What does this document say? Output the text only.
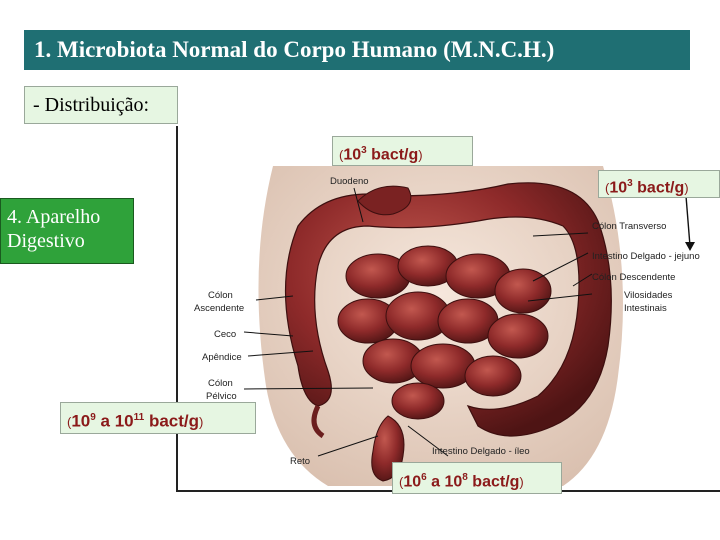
1. Microbiota Normal do Corpo Humano (M.N.C.H.)
- Distribuição:
Duodeno
Cólon Transverso
Intestino Delgado - jejuno
Cólon Descendente
Vilosidades
Intestinais
Cólon
Ascendente
Ceco
Apêndice
Cólon
Pélvico
Reto
Intestino Delgado - íleo
($10^3$ bact/g)
($10^3$ bact/g)
($10^9$ a $10^{11}$ bact/g)
($10^6$ a $10^8$ bact/g)
4. Aparelho
Digestivo
